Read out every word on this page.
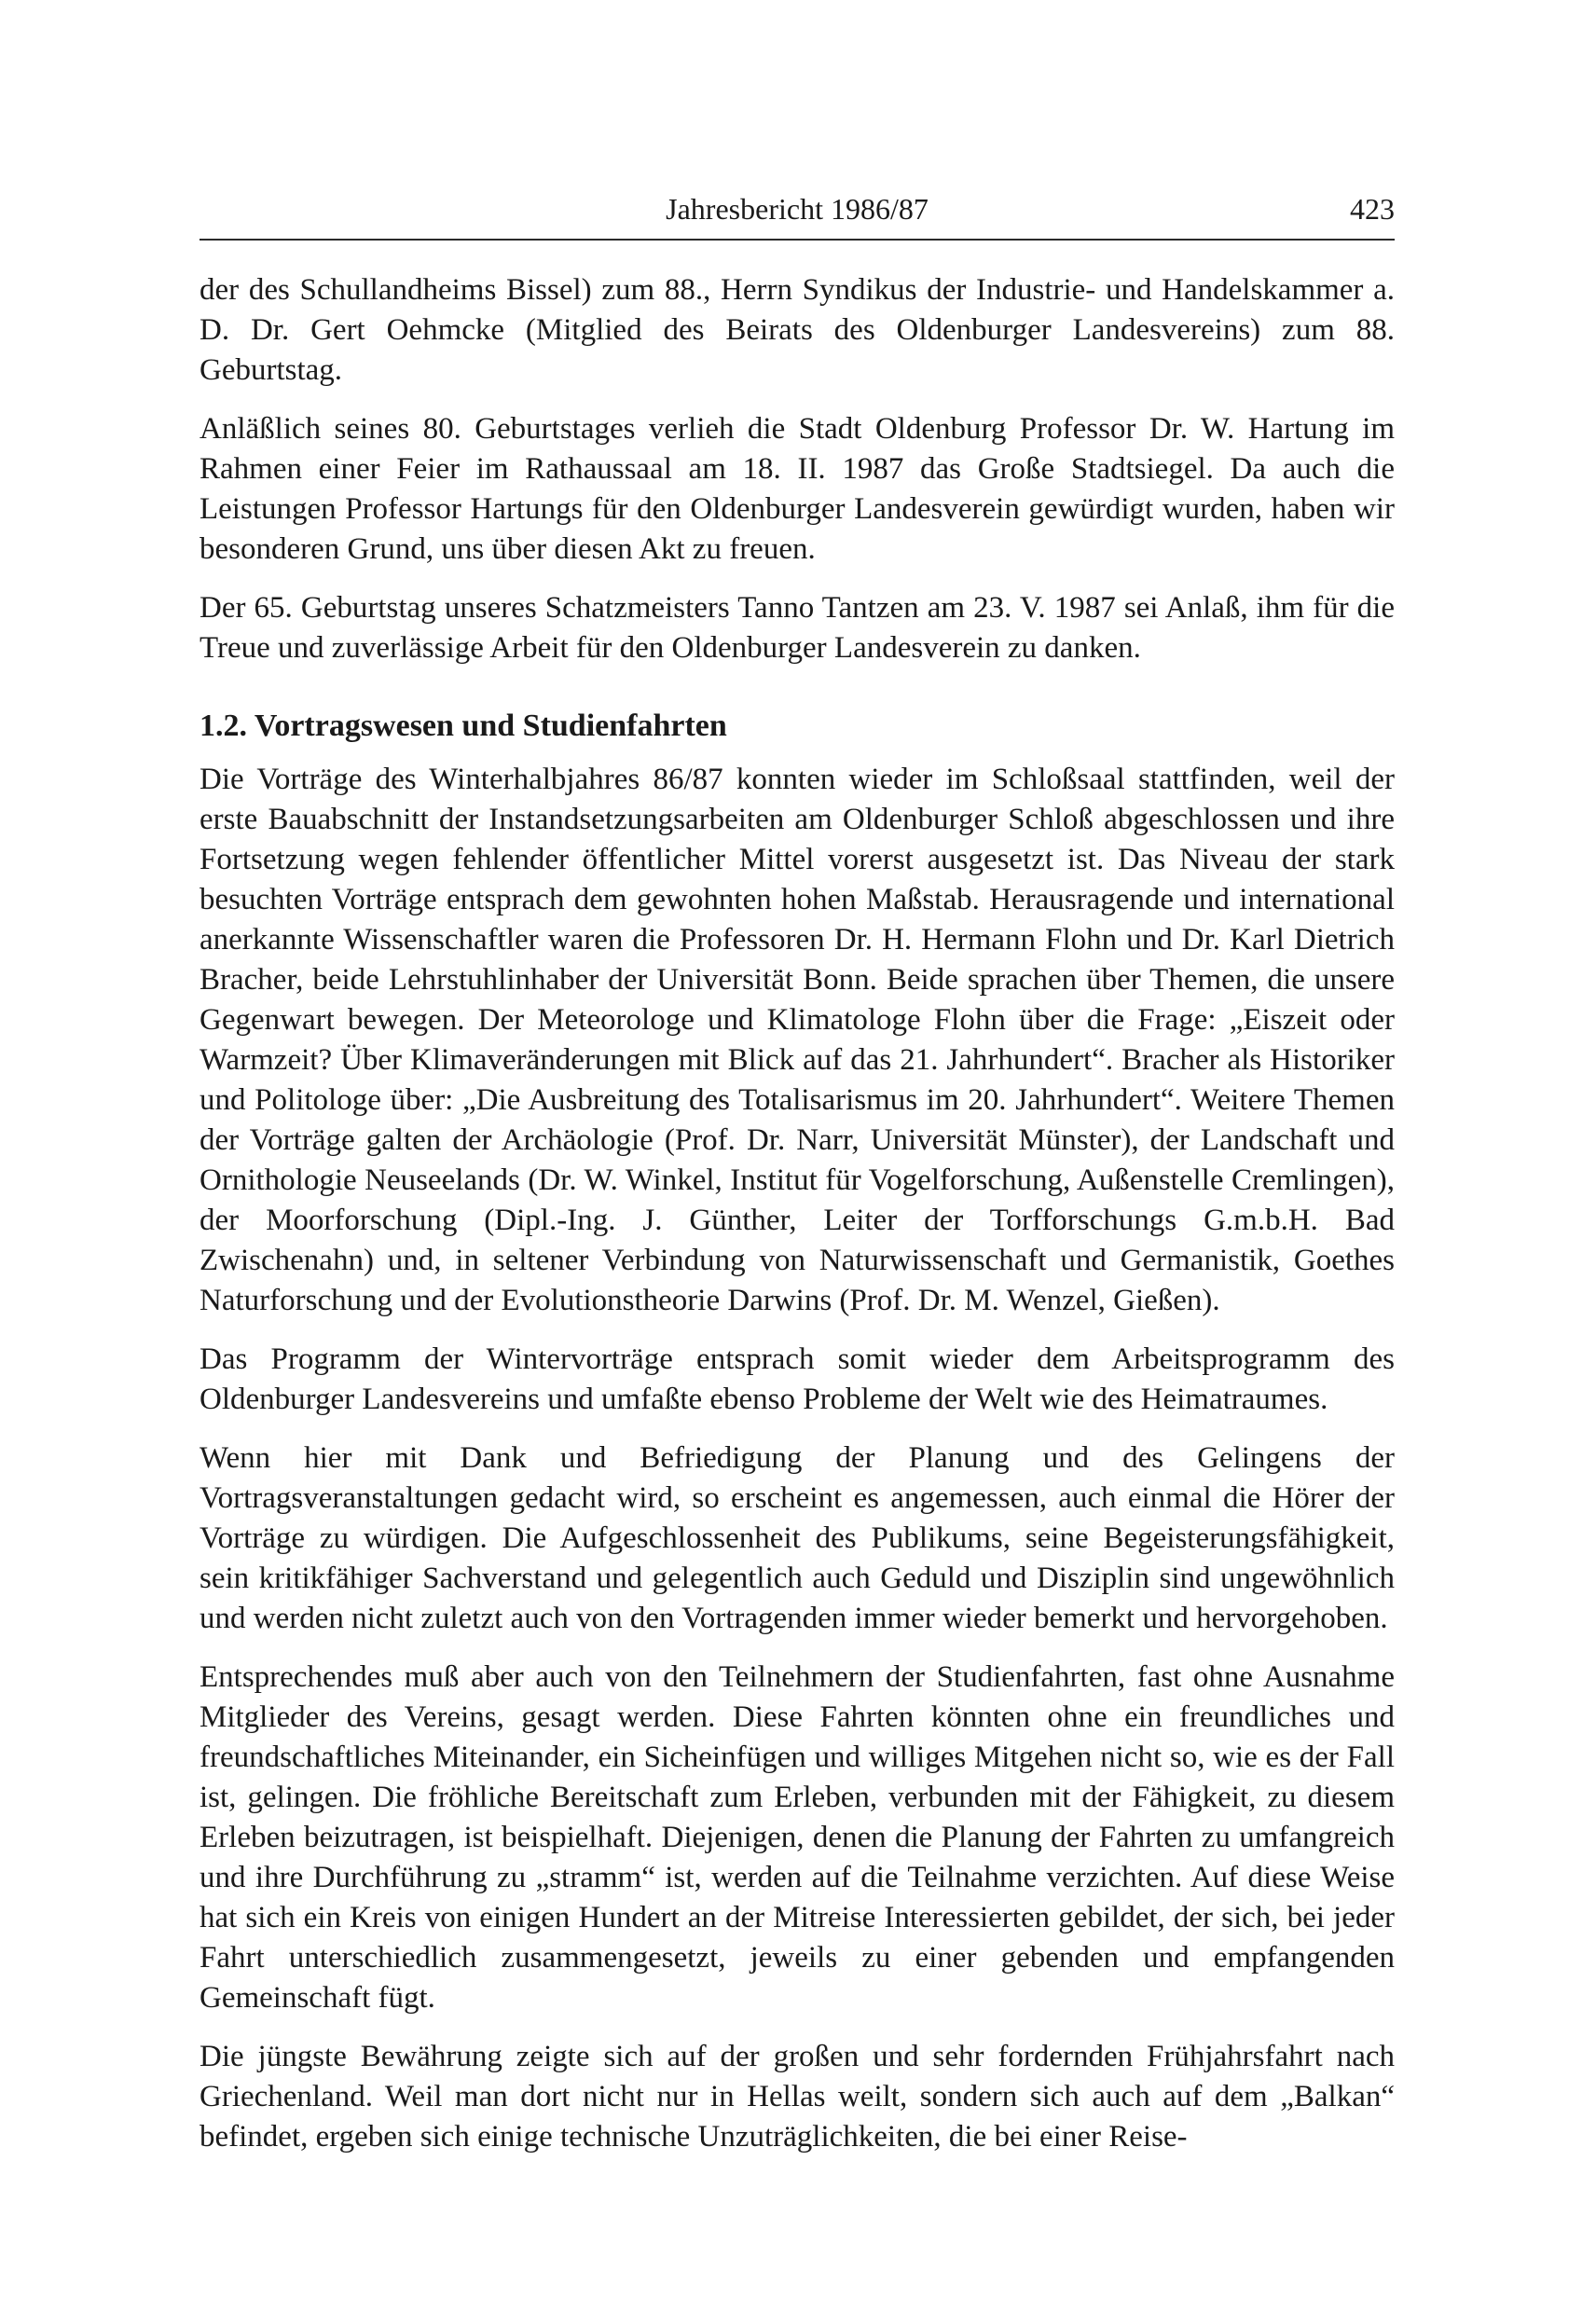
Jahresbericht 1986/87	423

der des Schullandheims Bissel) zum 88., Herrn Syndikus der Industrie- und Handelskammer a. D. Dr. Gert Oehmcke (Mitglied des Beirats des Oldenburger Landesvereins) zum 88. Geburtstag.

Anläßlich seines 80. Geburtstages verlieh die Stadt Oldenburg Professor Dr. W. Hartung im Rahmen einer Feier im Rathaussaal am 18. II. 1987 das Große Stadtsiegel. Da auch die Leistungen Professor Hartungs für den Oldenburger Landesverein gewürdigt wurden, haben wir besonderen Grund, uns über diesen Akt zu freuen.

Der 65. Geburtstag unseres Schatzmeisters Tanno Tantzen am 23. V. 1987 sei Anlaß, ihm für die Treue und zuverlässige Arbeit für den Oldenburger Landesverein zu danken.

1.2. Vortragswesen und Studienfahrten

Die Vorträge des Winterhalbjahres 86/87 konnten wieder im Schloßsaal stattfinden, weil der erste Bauabschnitt der Instandsetzungsarbeiten am Oldenburger Schloß abgeschlossen und ihre Fortsetzung wegen fehlender öffentlicher Mittel vorerst ausgesetzt ist. Das Niveau der stark besuchten Vorträge entsprach dem gewohnten hohen Maßstab. Herausragende und international anerkannte Wissenschaftler waren die Professoren Dr. H. Hermann Flohn und Dr. Karl Dietrich Bracher, beide Lehrstuhlinhaber der Universität Bonn. Beide sprachen über Themen, die unsere Gegenwart bewegen. Der Meteorologe und Klimatologe Flohn über die Frage: „Eiszeit oder Warmzeit? Über Klimaveränderungen mit Blick auf das 21. Jahrhundert“. Bracher als Historiker und Politologe über: „Die Ausbreitung des Totalisarismus im 20. Jahrhundert“. Weitere Themen der Vorträge galten der Archäologie (Prof. Dr. Narr, Universität Münster), der Landschaft und Ornithologie Neuseelands (Dr. W. Winkel, Institut für Vogelforschung, Außenstelle Cremlingen), der Moorforschung (Dipl.-Ing. J. Günther, Leiter der Torfforschungs G.m.b.H. Bad Zwischenahn) und, in seltener Verbindung von Naturwissenschaft und Germanistik, Goethes Naturforschung und der Evolutionstheorie Darwins (Prof. Dr. M. Wenzel, Gießen).

Das Programm der Wintervorträge entsprach somit wieder dem Arbeitsprogramm des Oldenburger Landesvereins und umfaßte ebenso Probleme der Welt wie des Heimatraumes.

Wenn hier mit Dank und Befriedigung der Planung und des Gelingens der Vortragsveranstaltungen gedacht wird, so erscheint es angemessen, auch einmal die Hörer der Vorträge zu würdigen. Die Aufgeschlossenheit des Publikums, seine Begeisterungsfähigkeit, sein kritikfähiger Sachverstand und gelegentlich auch Geduld und Disziplin sind ungewöhnlich und werden nicht zuletzt auch von den Vortragenden immer wieder bemerkt und hervorgehoben.

Entsprechendes muß aber auch von den Teilnehmern der Studienfahrten, fast ohne Ausnahme Mitglieder des Vereins, gesagt werden. Diese Fahrten könnten ohne ein freundliches und freundschaftliches Miteinander, ein Sicheinfügen und williges Mitgehen nicht so, wie es der Fall ist, gelingen. Die fröhliche Bereitschaft zum Erleben, verbunden mit der Fähigkeit, zu diesem Erleben beizutragen, ist beispielhaft. Diejenigen, denen die Planung der Fahrten zu umfangreich und ihre Durchführung zu „stramm“ ist, werden auf die Teilnahme verzichten. Auf diese Weise hat sich ein Kreis von einigen Hundert an der Mitreise Interessierten gebildet, der sich, bei jeder Fahrt unterschiedlich zusammengesetzt, jeweils zu einer gebenden und empfangenden Gemeinschaft fügt.

Die jüngste Bewährung zeigte sich auf der großen und sehr fordernden Frühjahrsfahrt nach Griechenland. Weil man dort nicht nur in Hellas weilt, sondern sich auch auf dem „Balkan“ befindet, ergeben sich einige technische Unzuträglichkeiten, die bei einer Reise-
